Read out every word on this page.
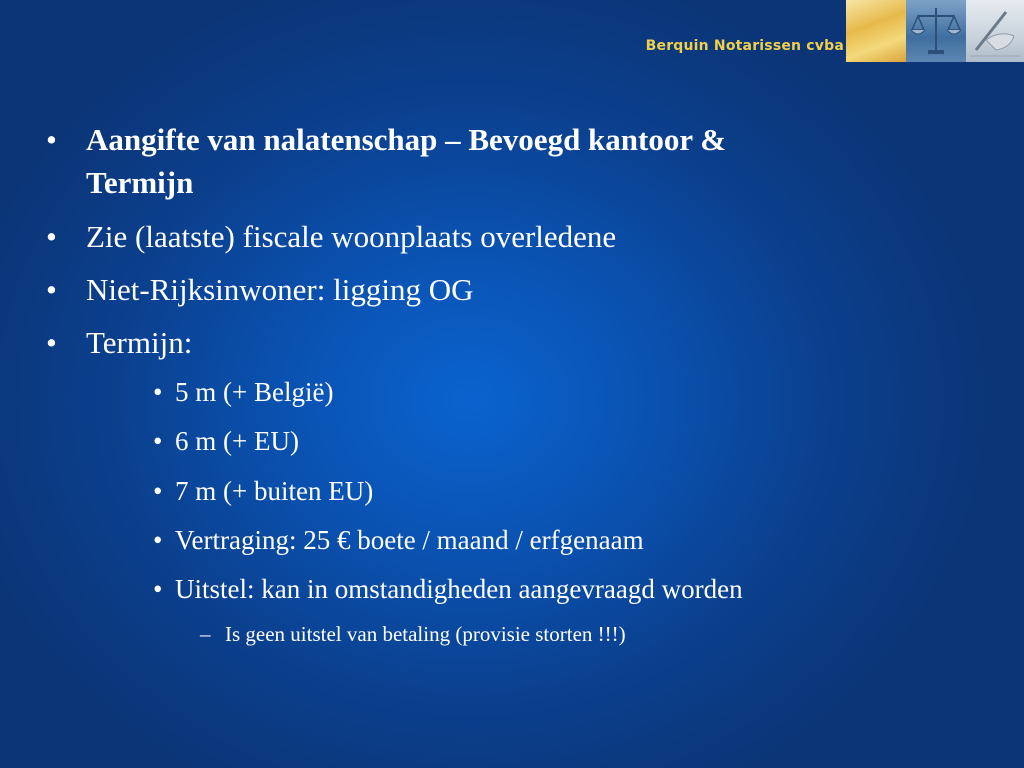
Berquin Notarissen cvba
• Aangifte van nalatenschap – Bevoegd kantoor &
Termijn
• Zie (laatste) fiscale woonplaats overledene
• Niet-Rijksinwoner: ligging OG
• Termijn:
• 5 m (+ België)
• 6 m (+ EU)
• 7 m (+ buiten EU)
• Vertraging: 25 € boete / maand / erfgenaam
• Uitstel: kan in omstandigheden aangevraagd worden
– Is geen uitstel van betaling (provisie storten !!!)
